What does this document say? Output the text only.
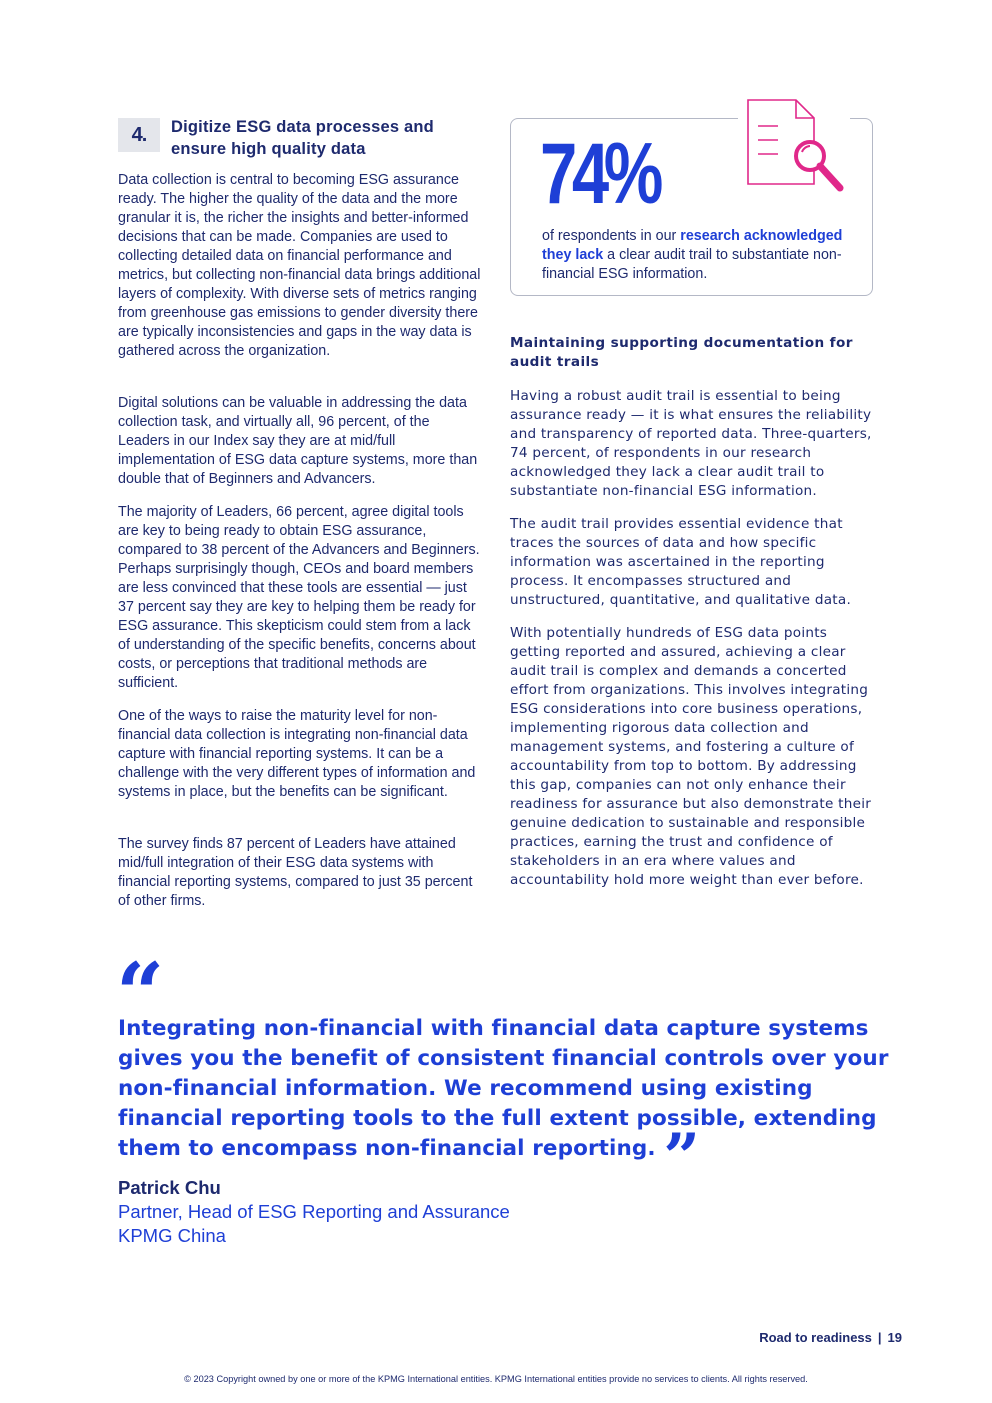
4.	Digitize ESG data processes and ensure high quality data

Data collection is central to becoming ESG assurance ready. The higher the quality of the data and the more granular it is, the richer the insights and better-informed decisions that can be made. Companies are used to collecting detailed data on financial performance and metrics, but collecting non-financial data brings additional layers of complexity. With diverse sets of metrics ranging from greenhouse gas emissions to gender diversity there are typically inconsistencies and gaps in the way data is gathered across the organization.

Digital solutions can be valuable in addressing the data collection task, and virtually all, 96 percent, of the Leaders in our Index say they are at mid/full implementation of ESG data capture systems, more than double that of Beginners and Advancers.

The majority of Leaders, 66 percent, agree digital tools are key to being ready to obtain ESG assurance, compared to 38 percent of the Advancers and Beginners. Perhaps surprisingly though, CEOs and board members are less convinced that these tools are essential — just 37 percent say they are key to helping them be ready for ESG assurance. This skepticism could stem from a lack of understanding of the specific benefits, concerns about costs, or perceptions that traditional methods are sufficient.

One of the ways to raise the maturity level for non-financial data collection is integrating non-financial data capture with financial reporting systems. It can be a challenge with the very different types of information and systems in place, but the benefits can be significant.

The survey finds 87 percent of Leaders have attained mid/full integration of their ESG data systems with financial reporting systems, compared to just 35 percent of other firms.

74%
of respondents in our research acknowledged they lack a clear audit trail to substantiate non-financial ESG information.
Maintaining supporting documentation for audit trails

Having a robust audit trail is essential to being assurance ready — it is what ensures the reliability and transparency of reported data. Three-quarters, 74 percent, of respondents in our research acknowledged they lack a clear audit trail to substantiate non-financial ESG information.

The audit trail provides essential evidence that traces the sources of data and how specific information was ascertained in the reporting process. It encompasses structured and unstructured, quantitative, and qualitative data.

With potentially hundreds of ESG data points getting reported and assured, achieving a clear audit trail is complex and demands a concerted effort from organizations. This involves integrating ESG considerations into core business operations, implementing rigorous data collection and management systems, and fostering a culture of accountability from top to bottom. By addressing this gap, companies can not only enhance their readiness for assurance but also demonstrate their genuine dedication to sustainable and responsible practices, earning the trust and confidence of stakeholders in an era where values and accountability hold more weight than ever before.

“
Integrating non-financial with financial data capture systems gives you the benefit of consistent financial controls over your non-financial information. We recommend using existing financial reporting tools to the full extent possible, extending them to encompass non-financial reporting. ”
Patrick Chu
Partner, Head of ESG Reporting and Assurance
KPMG China
Road to readiness | 19
© 2023 Copyright owned by one or more of the KPMG International entities. KPMG International entities provide no services to clients. All rights reserved.
